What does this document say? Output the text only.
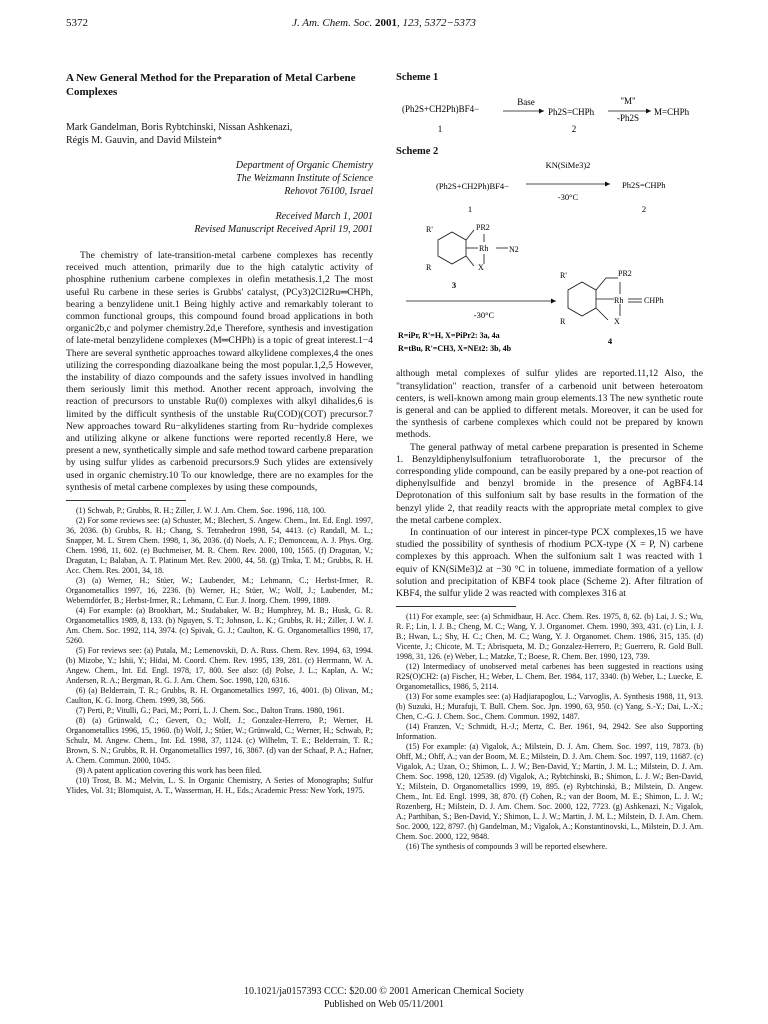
5372	J. Am. Chem. Soc. 2001, 123, 5372−5373
A New General Method for the Preparation of Metal Carbene Complexes
Mark Gandelman, Boris Rybtchinski, Nissan Ashkenazi,
Régis M. Gauvin, and David Milstein*
Department of Organic Chemistry
The Weizmann Institute of Science
Rehovot 76100, Israel
Received March 1, 2001
Revised Manuscript Received April 19, 2001

The chemistry of late-transition-metal carbene complexes has recently received much attention, primarily due to the high catalytic activity of phosphine ruthenium carbene complexes in olefin metathesis.1,2 The most useful Ru carbene in these series is Grubbs' catalyst, (PCy3)2Cl2Ru═CHPh, bearing a benzylidene unit.1 Being highly active and remarkably tolerant to common functional groups, this compound found broad applications in both organic2b,c and polymer chemistry.2d,e Therefore, synthesis and investigation of late-metal benzylidene complexes (M═CHPh) is a topic of great interest.1−4 There are several synthetic approaches toward alkylidene complexes,4 the ones utilizing the corresponding diazoalkane being the most popular.1,2,5 However, the instability of diazo compounds and the safety issues involved in handling them seriously limit this method. Another recent approach, involving the reaction of precursors to unstable Ru(0) complexes with alkyl dihalides,6 is limited by the difficult synthesis of the unstable Ru(COD)(COT) precursor.7 New approaches toward Ru−alkylidenes starting from Ru−hydride complexes and utilizing alkyne or alkene functions were reported recently.8 Here, we present a new, synthetically simple and safe method toward carbene preparation by using sulfur ylides as carbenoid precursors.9 Such ylides are extensively used in organic chemistry.10 To our knowledge, there are no examples for the synthesis of metal carbene complexes by using these compounds,

(1) Schwab, P.; Grubbs, R. H.; Ziller, J. W. J. Am. Chem. Soc. 1996, 118, 100.
(2) For some reviews see: (a) Schuster, M.; Blechert, S. Angew. Chem., Int. Ed. Engl. 1997, 36, 2036. (b) Grubbs, R. H.; Chang, S. Tetrahedron 1998, 54, 4413. (c) Randall, M. L.; Snapper, M. L. Strem Chem. 1998, 1, 36, 2036. (d) Noels, A. F.; Demonceau, A. J. Phys. Org. Chem. 1998, 11, 602. (e) Buchmeiser, M. R. Chem. Rev. 2000, 100, 1565. (f) Dragutan, V.; Dragutan, I.; Balaban, A. T. Platinum Met. Rev. 2000, 44, 58. (g) Trnka, T. M.; Grubbs, R. H. Acc. Chem. Res. 2001, 34, 18.
(3) (a) Werner, H.; Stüer, W.; Laubender, M.; Lehmann, C.; Herbst-Irmer, R. Organometallics 1997, 16, 2236. (b) Werner, H.; Stüer, W.; Wolf, J.; Laubender, M.; Weberndörfer, B.; Herbst-Irmer, R.; Lehmann, C. Eur. J. Inorg. Chem. 1999, 1889.
(4) For example: (a) Brookhart, M.; Studabaker, W. B.; Humphrey, M. B.; Husk, G. R. Organometallics 1989, 8, 133. (b) Nguyen, S. T.; Johnson, L. K.; Grubbs, R. H.; Ziller, J. W. J. Am. Chem. Soc. 1992, 114, 3974. (c) Spivak, G. J.; Caulton, K. G. Organometallics 1998, 17, 5260.
(5) For reviews see: (a) Putala, M.; Lemenovskii, D. A. Russ. Chem. Rev. 1994, 63, 1994. (b) Mizobe, Y.; Ishii, Y.; Hidai, M. Coord. Chem. Rev. 1995, 139, 281. (c) Herrmann, W. A. Angew. Chem., Int. Ed. Engl. 1978, 17, 800. See also: (d) Polse, J. L.; Kaplan, A. W.; Andersen, R. A.; Bergman, R. G. J. Am. Chem. Soc. 1998, 120, 6316.
(6) (a) Belderrain, T. R.; Grubbs, R. H. Organometallics 1997, 16, 4001. (b) Olivan, M.; Caulton, K. G. Inorg. Chem. 1999, 38, 566.
(7) Perti, P.; Vitulli, G.; Paci, M.; Porri, L. J. Chem. Soc., Dalton Trans. 1980, 1961.
(8) (a) Grünwald, C.; Gevert, O.; Wolf, J.; Gonzalez-Herrero, P.; Werner, H. Organometallics 1996, 15, 1960. (b) Wolf, J.; Stüer, W.; Grünwald, C.; Werner, H.; Schwab, P.; Schulz, M. Angew. Chem., Int. Ed. 1998, 37, 1124. (c) Wilhelm, T. E.; Belderrain, T. R.; Brown, S. N.; Grubbs, R. H. Organometallics 1997, 16, 3867. (d) van der Schaaf, P. A.; Hafner, A. Chem. Commun. 2000, 1045.
(9) A patent application covering this work has been filed.
(10) Trost, B. M.; Melvin, L. S. In Organic Chemistry, A Series of Monographs; Sulfur Ylides, Vol. 31; Blomquist, A. T., Wasserman, H. H., Eds.; Academic Press: New York, 1975.
Scheme 1
(Ph2S+CH2Ph)BF4−
Base
Ph2S=CHPh
"M"
-Ph2S
M=CHPh
1	2
Scheme 2
(Ph2S+CH2Ph)BF4−
KN(SiMe3)2
-30°C
Ph2S=CHPh
1	2
R'
R
PR2
Rh	N2
X
3
-30°C
R'
R
PR2
Rh	CHPh
X
4
R=iPr, R'=H, X=PiPr2: 3a, 4a
R=tBu, R'=CH3, X=NEt2: 3b, 4b

although metal complexes of sulfur ylides are reported.11,12 Also, the "transylidation" reaction, transfer of a carbenoid unit between heteroatom centers, is well-known among main group elements.13 The new synthetic route is general and can be applied to different metals. Moreover, it can be used for the synthesis of carbene complexes which could not be prepared by known methods.

The general pathway of metal carbene preparation is presented in Scheme 1. Benzyldiphenylsulfonium tetrafluoroborate 1, the precursor of the corresponding ylide compound, can be easily prepared by a one-pot reaction of diphenylsulfide and benzyl bromide in the presence of AgBF4.14 Deprotonation of this sulfonium salt by base results in the formation of the benzyl ylide 2, that readily reacts with the appropriate metal complex to give the metal carbene complex.

In continuation of our interest in pincer-type PCX complexes,15 we have studied the possibility of synthesis of rhodium PCX-type (X = P, N) carbene complexes by this approach. When the sulfonium salt 1 was reacted with 1 equiv of KN(SiMe3)2 at −30 °C in toluene, immediate formation of a yellow solution and precipitation of KBF4 took place (Scheme 2). After filtration of KBF4, the sulfur ylide 2 was reacted with complexes 316 at

(11) For example, see: (a) Schmidbaur, H. Acc. Chem. Res. 1975, 8, 62. (b) Lai, J. S.; Wu, R. F.; Lin, I. J. B.; Cheng, M. C.; Wang, Y. J. Organomet. Chem. 1990, 393, 431. (c) Lin, I. J. B.; Hwan, L.; Shy, H. C.; Chen, M. C.; Wang, Y. J. Organomet. Chem. 1986, 315, 135. (d) Vicente, J.; Chicote, M. T.; Abrisqueta, M. D.; Gonzalez-Herrero, P.; Guerrero, R. Gold Bull. 1998, 31, 126. (e) Weber, L.; Matzke, T.; Boese, R. Chem. Ber. 1990, 123, 739.
(12) Intermediacy of unobserved metal carbenes has been suggested in reactions using R2S(O)CH2: (a) Fischer, H.; Weber, L. Chem. Ber. 1984, 117, 3340. (b) Weber, L.; Luecke, E. Organometallics, 1986, 5, 2114.
(13) For some examples see: (a) Hadjiarapoglou, L.; Varvoglis, A. Synthesis 1988, 11, 913. (b) Suzuki, H.; Murafuji, T. Bull. Chem. Soc. Jpn. 1990, 63, 950. (c) Yang, S.-Y.; Dai, L.-X.; Chen, C.-G. J. Chem. Soc., Chem. Commun. 1992, 1487.
(14) Franzen, V.; Schmidt, H.-J.; Mertz, C. Ber. 1961, 94, 2942. See also Supporting Information.
(15) For example: (a) Vigalok, A.; Milstein, D. J. Am. Chem. Soc. 1997, 119, 7873. (b) Ohff, M.; Ohff, A.; van der Boom, M. E.; Milstein, D. J. Am. Chem. Soc. 1997, 119, 11687. (c) Vigalok, A.; Uzan, O.; Shimon, L. J. W.; Ben-David, Y.; Martin, J. M. L.; Milstein, D. J. Am. Chem. Soc. 1998, 120, 12539. (d) Vigalok, A.; Rybtchinski, B.; Shimon, L. J. W.; Ben-David, Y.; Milstein, D. Organometallics 1999, 19, 895. (e) Rybtchinski, B.; Milstein, D. Angew. Chem., Int. Ed. Engl. 1999, 38, 870. (f) Cohen, R.; van der Boom, M. E.; Shimon, L. J. W.; Rozenberg, H.; Milstein, D. J. Am. Chem. Soc. 2000, 122, 7723. (g) Ashkenazi, N.; Vigalok, A.; Parthiban, S.; Ben-David, Y.; Shimon, L. J. W.; Martin, J. M. L.; Milstein, D. J. Am. Chem. Soc. 2000, 122, 8797. (h) Gandelman, M.; Vigalok, A.; Konstantinovski, L., Milstein, D. J. Am. Chem. Soc. 2000, 122, 9848.
(16) The synthesis of compounds 3 will be reported elsewhere.
10.1021/ja0157393 CCC: $20.00 © 2001 American Chemical Society
Published on Web 05/11/2001
